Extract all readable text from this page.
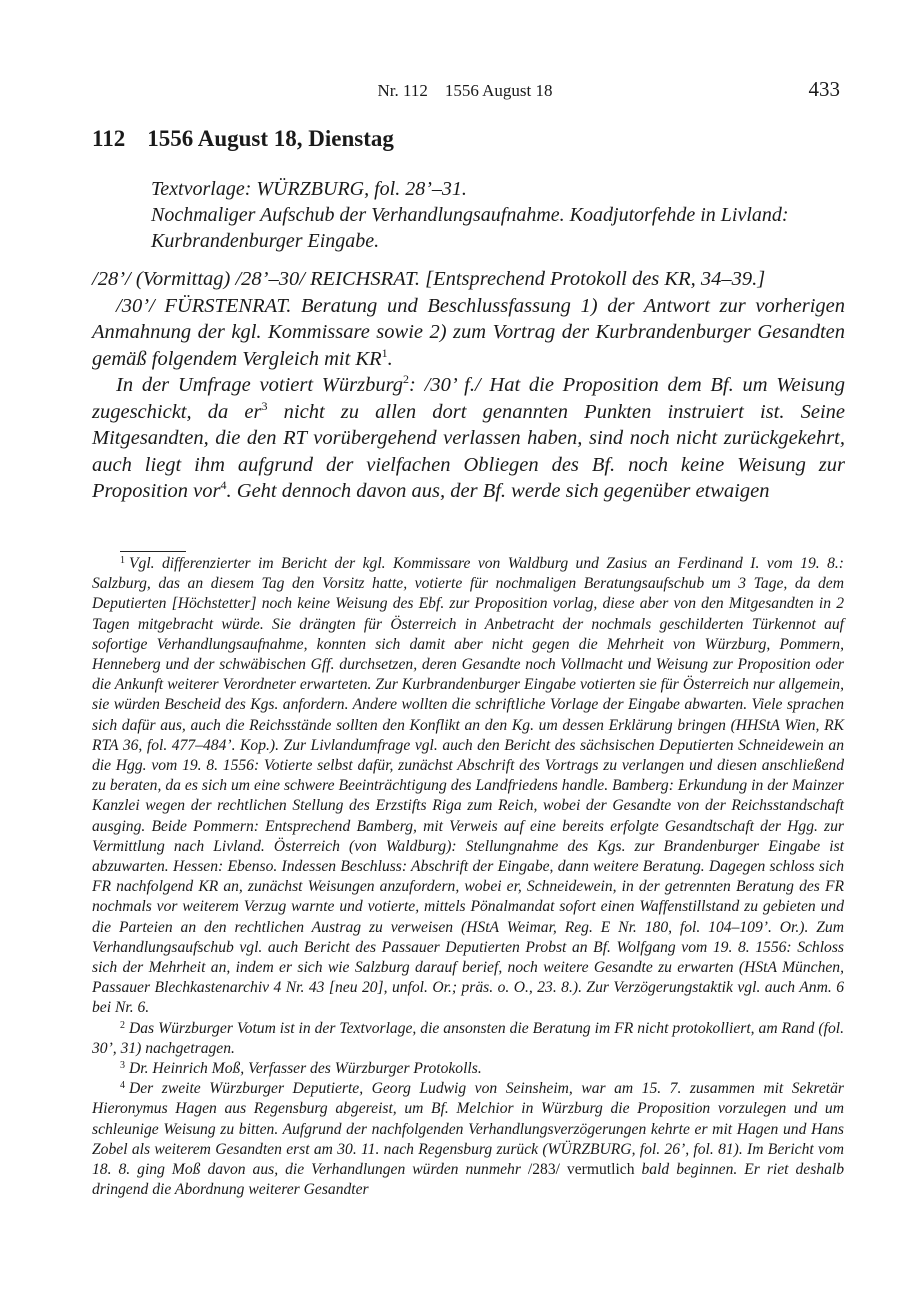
Nr. 112    1556 August 18	433
112 1556 August 18, Dienstag
Textvorlage: WÜRZBURG, fol. 28’–31.
Nochmaliger Aufschub der Verhandlungsaufnahme. Koadjutorfehde in Livland:
Kurbrandenburger Eingabe.

/28’/ (Vormittag) /28’–30/ REICHSRAT. [Entsprechend Protokoll des KR, 34–39.]

/30’/ FÜRSTENRAT. Beratung und Beschlussfassung 1) der Antwort zur vorherigen Anmahnung der kgl. Kommissare sowie 2) zum Vortrag der Kurbrandenburger Gesandten gemäß folgendem Vergleich mit $KR^1$.

In der Umfrage votiert Würzburg$^2$: /30’ f./ Hat die Proposition dem Bf. um Weisung zugeschickt, da $er^3$ nicht zu allen dort genannten Punkten instruiert ist. Seine Mitgesandten, die den RT vorübergehend verlassen haben, sind noch nicht zurückgekehrt, auch liegt ihm aufgrund der vielfachen Obliegen des Bf. noch keine Weisung zur Proposition vor$^4$. Geht dennoch davon aus, der Bf. werde sich gegenüber etwaigen

$^1$ Vgl. differenzierter im Bericht der kgl. Kommissare von Waldburg und Zasius an Ferdinand I. vom 19. 8.: Salzburg, das an diesem Tag den Vorsitz hatte, votierte für nochmaligen Beratungsaufschub um 3 Tage, da dem Deputierten [Höchstetter] noch keine Weisung des Ebf. zur Proposition vorlag, diese aber von den Mitgesandten in 2 Tagen mitgebracht würde. Sie drängten für Österreich in Anbetracht der nochmals geschilderten Türkennot auf sofortige Verhandlungsaufnahme, konnten sich damit aber nicht gegen die Mehrheit von Würzburg, Pommern, Henneberg und der schwäbischen Gff. durchsetzen, deren Gesandte noch Vollmacht und Weisung zur Proposition oder die Ankunft weiterer Verordneter erwarteten. Zur Kurbrandenburger Eingabe votierten sie für Österreich nur allgemein, sie würden Bescheid des Kgs. anfordern. Andere wollten die schriftliche Vorlage der Eingabe abwarten. Viele sprachen sich dafür aus, auch die Reichsstände sollten den Konflikt an den Kg. um dessen Erklärung bringen (HHStA Wien, RK RTA 36, fol. 477–484’. Kop.). Zur Livlandumfrage vgl. auch den Bericht des sächsischen Deputierten Schneidewein an die Hgg. vom 19. 8. 1556: Votierte selbst dafür, zunächst Abschrift des Vortrags zu verlangen und diesen anschließend zu beraten, da es sich um eine schwere Beeinträchtigung des Landfriedens handle. Bamberg: Erkundung in der Mainzer Kanzlei wegen der rechtlichen Stellung des Erzstifts Riga zum Reich, wobei der Gesandte von der Reichsstandschaft ausging. Beide Pommern: Entsprechend Bamberg, mit Verweis auf eine bereits erfolgte Gesandtschaft der Hgg. zur Vermittlung nach Livland. Österreich (von Waldburg): Stellungnahme des Kgs. zur Brandenburger Eingabe ist abzuwarten. Hessen: Ebenso. Indessen Beschluss: Abschrift der Eingabe, dann weitere Beratung. Dagegen schloss sich FR nachfolgend KR an, zunächst Weisungen anzufordern, wobei er, Schneidewein, in der getrennten Beratung des FR nochmals vor weiterem Verzug warnte und votierte, mittels Pönalmandat sofort einen Waffenstillstand zu gebieten und die Parteien an den rechtlichen Austrag zu verweisen (HStA Weimar, Reg. E Nr. 180, fol. 104–109’. Or.). Zum Verhandlungsaufschub vgl. auch Bericht des Passauer Deputierten Probst an Bf. Wolfgang vom 19. 8. 1556: Schloss sich der Mehrheit an, indem er sich wie Salzburg darauf berief, noch weitere Gesandte zu erwarten (HStA München, Passauer Blechkastenarchiv 4 Nr. 43 [neu 20], unfol. Or.; präs. o. O., 23. 8.). Zur Verzögerungstaktik vgl. auch Anm. 6 bei Nr. 6.

$^2$ Das Würzburger Votum ist in der Textvorlage, die ansonsten die Beratung im FR nicht protokolliert, am Rand (fol. 30’, 31) nachgetragen.

$^3$ Dr. Heinrich Moß, Verfasser des Würzburger Protokolls.

$^4$ Der zweite Würzburger Deputierte, Georg Ludwig von Seinsheim, war am 15. 7. zusammen mit Sekretär Hieronymus Hagen aus Regensburg abgereist, um Bf. Melchior in Würzburg die Proposition vorzulegen und um schleunige Weisung zu bitten. Aufgrund der nachfolgenden Verhandlungsverzögerungen kehrte er mit Hagen und Hans Zobel als weiterem Gesandten erst am 30. 11. nach Regensburg zurück (WÜRZBURG, fol. 26’, fol. 81). Im Bericht vom 18. 8. ging Moß davon aus, die Verhandlungen würden nunmehr /283/ vermutlich bald beginnen. Er riet deshalb dringend die Abordnung weiterer Gesandter
